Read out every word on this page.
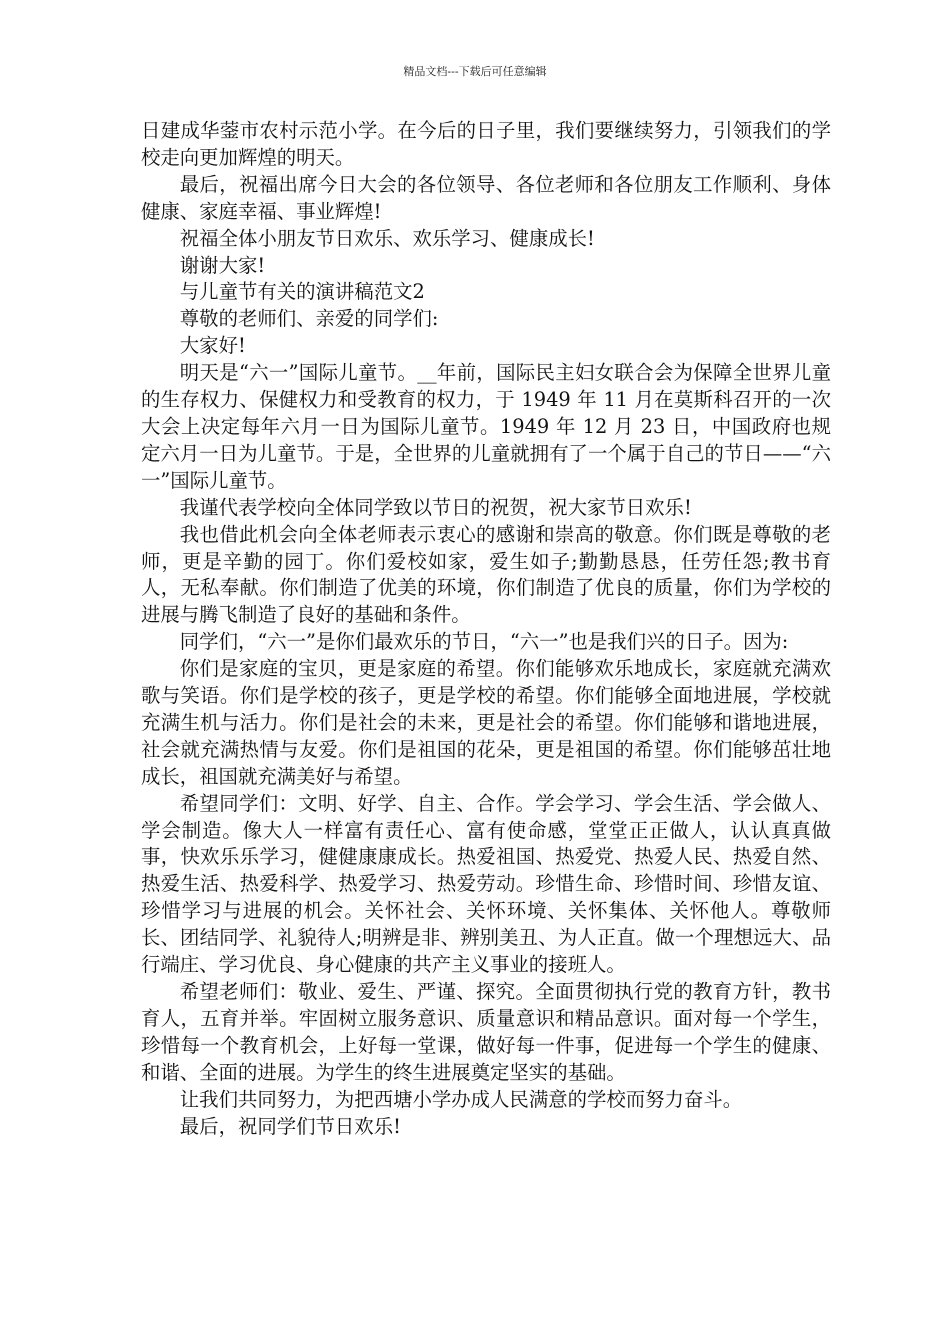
精品文档---下载后可任意编辑

日建成华蓥市农村示范小学。在今后的日子里，我们要继续努力，引领我们的学校走向更加辉煌的明天。

最后，祝福出席今日大会的各位领导、各位老师和各位朋友工作顺利、身体健康、家庭幸福、事业辉煌!

祝福全体小朋友节日欢乐、欢乐学习、健康成长!

谢谢大家!

与儿童节有关的演讲稿范文2

尊敬的老师们、亲爱的同学们:

大家好!

明天是“六一”国际儿童节。__年前，国际民主妇女联合会为保障全世界儿童的生存权力、保健权力和受教育的权力，于 1949 年 11 月在莫斯科召开的一次大会上决定每年六月一日为国际儿童节。1949 年 12 月 23 日，中国政府也规定六月一日为儿童节。于是，全世界的儿童就拥有了一个属于自己的节日——“六一”国际儿童节。

我谨代表学校向全体同学致以节日的祝贺，祝大家节日欢乐!

我也借此机会向全体老师表示衷心的感谢和崇高的敬意。你们既是尊敬的老师，更是辛勤的园丁。你们爱校如家，爱生如子;勤勤恳恳，任劳任怨;教书育人，无私奉献。你们制造了优美的环境，你们制造了优良的质量，你们为学校的进展与腾飞制造了良好的基础和条件。

同学们，“六一”是你们最欢乐的节日，“六一”也是我们兴的日子。因为:

你们是家庭的宝贝，更是家庭的希望。你们能够欢乐地成长，家庭就充满欢歌与笑语。你们是学校的孩子，更是学校的希望。你们能够全面地进展，学校就充满生机与活力。你们是社会的未来，更是社会的希望。你们能够和谐地进展，社会就充满热情与友爱。你们是祖国的花朵，更是祖国的希望。你们能够茁壮地成长，祖国就充满美好与希望。

希望同学们：文明、好学、自主、合作。学会学习、学会生活、学会做人、学会制造。像大人一样富有责任心、富有使命感，堂堂正正做人，认认真真做事，快欢乐乐学习，健健康康成长。热爱祖国、热爱党、热爱人民、热爱自然、热爱生活、热爱科学、热爱学习、热爱劳动。珍惜生命、珍惜时间、珍惜友谊、珍惜学习与进展的机会。关怀社会、关怀环境、关怀集体、关怀他人。尊敬师长、团结同学、礼貌待人;明辨是非、辨别美丑、为人正直。做一个理想远大、品行端庄、学习优良、身心健康的共产主义事业的接班人。

希望老师们：敬业、爱生、严谨、探究。全面贯彻执行党的教育方针，教书育人，五育并举。牢固树立服务意识、质量意识和精品意识。面对每一个学生，珍惜每一个教育机会，上好每一堂课，做好每一件事，促进每一个学生的健康、和谐、全面的进展。为学生的终生进展奠定坚实的基础。

让我们共同努力，为把西塘小学办成人民满意的学校而努力奋斗。

最后，祝同学们节日欢乐!
